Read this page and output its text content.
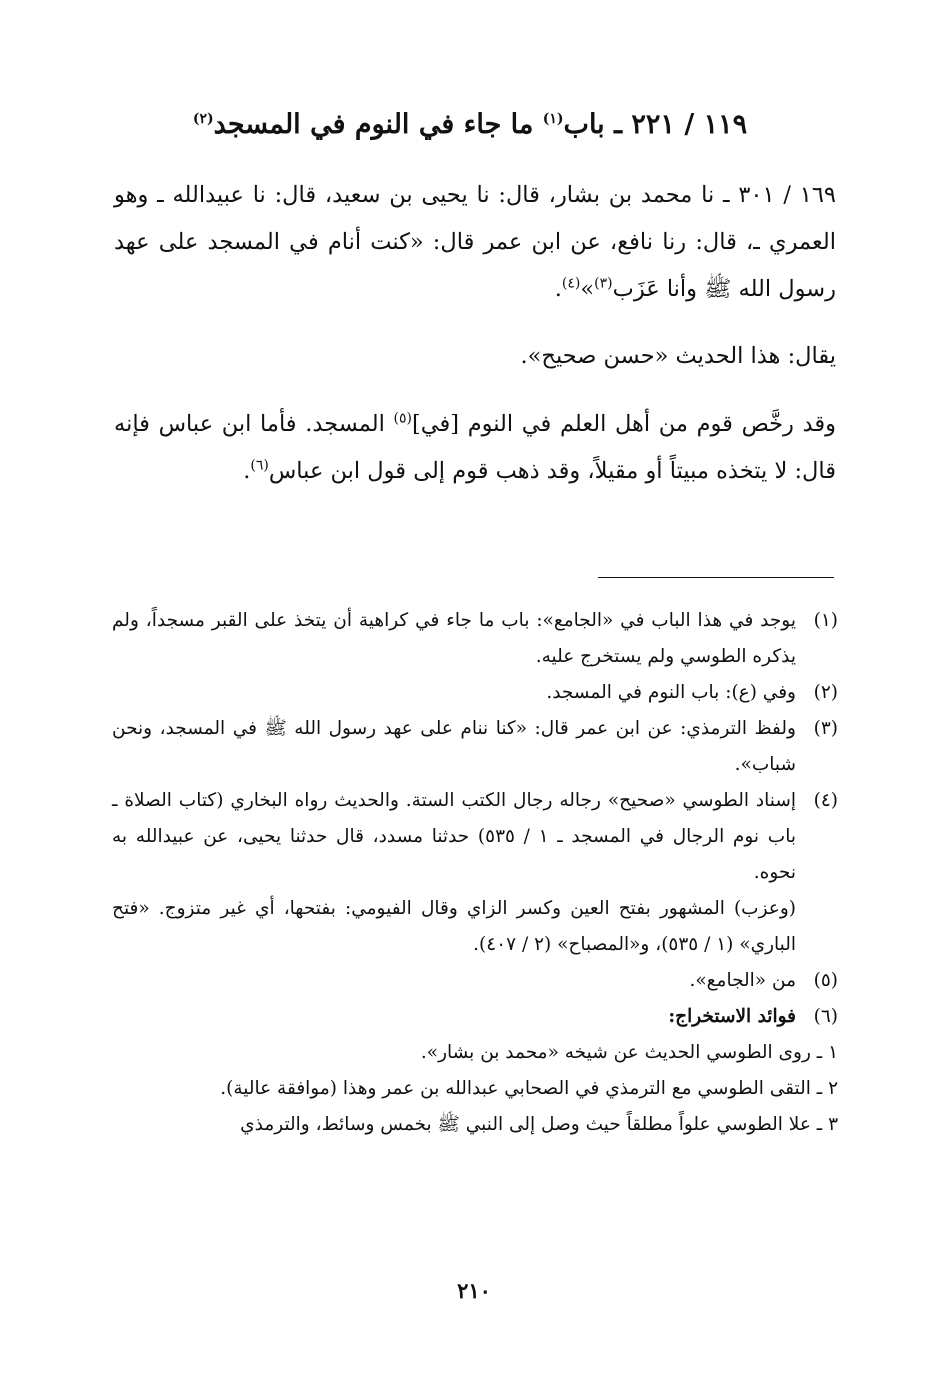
١١٩ / ٢٢١ ـ باب$^{(١)}$ ما جاء في النوم في المسجد$^{(٢)}$

١٦٩ / ٣٠١ ـ نا محمد بن بشار، قال: نا يحيى بن سعيد، قال: نا عبيدالله ـ وهو العمري ـ، قال: رنا نافع، عن ابن عمر قال: «كنت أنام في المسجد على عهد رسول الله ﷺ وأنا عَزَب$^{(٣)}$»$^{(٤)}$.

يقال: هذا الحديث «حسن صحيح».

وقد رخَّص قوم من أهل العلم في النوم [في]$^{(٥)}$ المسجد. فأما ابن عباس فإنه قال: لا يتخذه مبيتاً أو مقيلاً، وقد ذهب قوم إلى قول ابن عباس$^{(٦)}$.

(١)
يوجد في هذا الباب في «الجامع»: باب ما جاء في كراهية أن يتخذ على القبر مسجداً، ولم يذكره الطوسي ولم يستخرج عليه.
(٢)
وفي (ع): باب النوم في المسجد.
(٣)
ولفظ الترمذي: عن ابن عمر قال: «كنا ننام على عهد رسول الله ﷺ في المسجد، ونحن شباب».
(٤)
إسناد الطوسي «صحيح» رجاله رجال الكتب الستة. والحديث رواه البخاري (كتاب الصلاة ـ باب نوم الرجال في المسجد ـ ١ / ٥٣٥) حدثنا مسدد، قال حدثنا يحيى، عن عبيدالله به نحوه.
(وعزب) المشهور بفتح العين وكسر الزاي وقال الفيومي: بفتحها، أي غير متزوج. «فتح الباري» (١ / ٥٣٥)، و«المصباح» (٢ / ٤٠٧).
(٥)
من «الجامع».
(٦)
فوائد الاستخراج:

١ ـ روى الطوسي الحديث عن شيخه «محمد بن بشار».

٢ ـ التقى الطوسي مع الترمذي في الصحابي عبدالله بن عمر وهذا (موافقة عالية).

٣ ـ علا الطوسي علواً مطلقاً حيث وصل إلى النبي ﷺ بخمس وسائط، والترمذي

٢١٠
